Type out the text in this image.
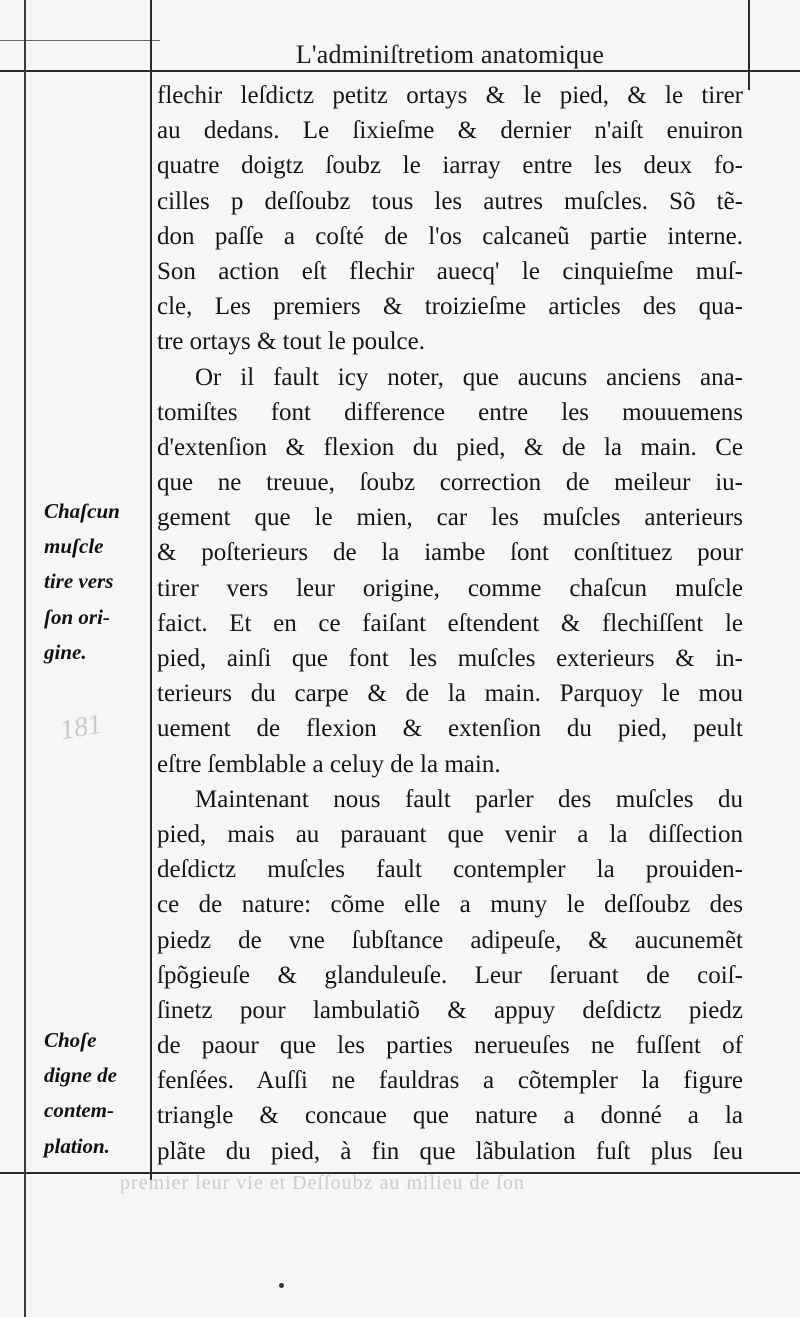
L'adminiſtretiom anatomique
flechir leſdictz petitz ortays & le pied, & le tirer
au dedans. Le ſixieſme & dernier n'aiſt enuiron
quatre doigtz ſoubz le iarray entre les deux fo-
cilles p deſſoubz tous les autres muſcles. Sõ tẽ-
don paſſe a coſté de l'os calcaneũ partie interne.
Son action eſt flechir auecq' le cinquieſme muſ-
cle, Les premiers & troizieſme articles des qua-
tre ortays & tout le poulce.
Or il fault icy noter, que aucuns anciens ana-
tomiſtes font difference entre les mouuemens
d'extenſion & flexion du pied, & de la main. Ce
que ne treuue, ſoubz correction de meileur iu-
gement que le mien, car les muſcles anterieurs
& poſterieurs de la iambe ſont conſtituez pour
tirer vers leur origine, comme chaſcun muſcle
faict. Et en ce faiſant eſtendent & flechiſſent le
pied, ainſi que font les muſcles exterieurs & in-
terieurs du carpe & de la main. Parquoy le mou
uement de flexion & extenſion du pied, peult
eſtre ſemblable a celuy de la main.
Maintenant nous fault parler des muſcles du
pied, mais au parauant que venir a la diſſection
deſdictz muſcles fault contempler la prouiden-
ce de nature: cõme elle a muny le deſſoubz des
piedz de vne ſubſtance adipeuſe, & aucunemẽt
ſpõgieuſe & glanduleuſe. Leur ſeruant de coiſ-
ſinetz pour lambulatiõ & appuy deſdictz piedz
de paour que les parties nerueuſes ne fuſſent of
fenſées. Auſſi ne fauldras a cõtempler la figure
triangle & concaue que nature a donné a la
plãte du pied, à fin que lãbulation fuſt plus ſeu
Chaſcun
muſcle
tire vers
ſon ori-
gine.
Choſe
digne de
contem-
plation.
premier leur vie et Deſſoubz au milieu de ſon
181
